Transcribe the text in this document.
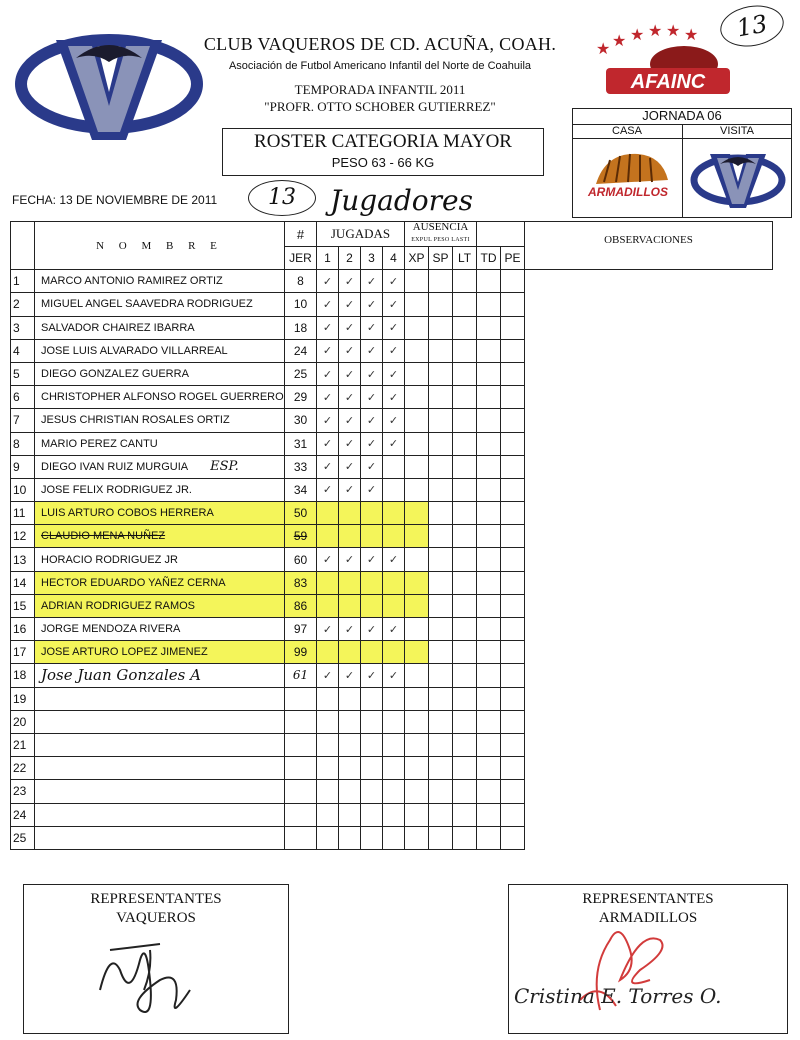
CLUB VAQUEROS DE CD. ACUÑA, COAH.
Asociación de Futbol Americano Infantil del Norte de Coahuila
TEMPORADA INFANTIL 2011
"PROFR. OTTO SCHOBER GUTIERREZ"
★ ★ ★ ★ ★ ★
AFAINC
13
ROSTER CATEGORIA MAYOR
PESO 63 - 66 KG
JORNADA 06
CASA	VISITA
ARMADILLOS
FECHA: 13 DE NOVIEMBRE DE 2011	13	Jugadores
	N O M B R E	#	JUGADAS				AUSENCIA
EXPUL PESO LASTI					OBSERVACIONES
		JER	1	2	3	4	XP	SP	LT	TD	PE	
1	MARCO ANTONIO RAMIREZ ORTIZ	8	✓	✓	✓	✓						
2	MIGUEL ANGEL SAAVEDRA RODRIGUEZ	10	✓	✓	✓	✓						
3	SALVADOR CHAIREZ IBARRA	18	✓	✓	✓	✓						
4	JOSE LUIS ALVARADO VILLARREAL	24	✓	✓	✓	✓						
5	DIEGO GONZALEZ GUERRA	25	✓	✓	✓	✓						
6	CHRISTOPHER ALFONSO ROGEL GUERRERO	29	✓	✓	✓	✓						
7	JESUS CHRISTIAN ROSALES ORTIZ	30	✓	✓	✓	✓						
8	MARIO PEREZ CANTU	31	✓	✓	✓	✓						
9	DIEGO IVAN RUIZ MURGUIA ESP.	33	✓	✓	✓							
10	JOSE FELIX RODRIGUEZ JR.	34	✓	✓	✓							
11	LUIS ARTURO COBOS HERRERA	50										
12	CLAUDIO MENA NUÑEZ	59										
13	HORACIO RODRIGUEZ JR	60	✓	✓	✓	✓						
14	HECTOR EDUARDO YAÑEZ CERNA	83										
15	ADRIAN RODRIGUEZ RAMOS	86										
16	JORGE MENDOZA RIVERA	97	✓	✓	✓	✓						
17	JOSE ARTURO LOPEZ JIMENEZ	99										
18	Jose Juan Gonzales A	61	✓	✓	✓	✓						
19												
20												
21												
22												
23												
24												
25												
REPRESENTANTES
VAQUEROS
REPRESENTANTES
ARMADILLOS
Cristina E. Torres O.
